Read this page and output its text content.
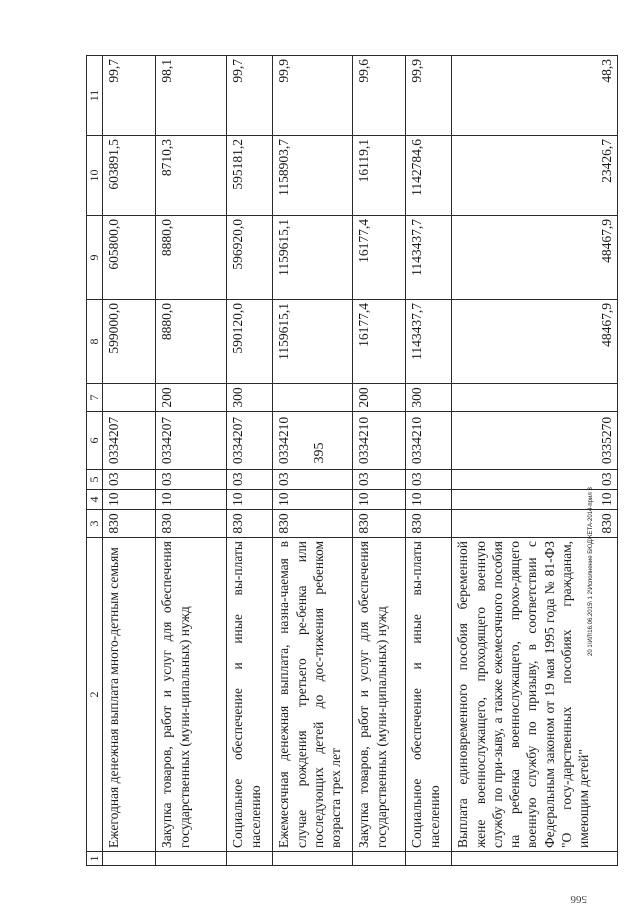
395
1	2	3	4	5	6	7	8	9	10	11
	Ежегодная денежная выплата много-детным семьям	830	10	03	0334207		599000,0	605800,0	603891,5	99,7
	Закупка товаров, работ и услуг для обеспечения государственных (муни-ципальных) нужд	830	10	03	0334207	200	8880,0	8880,0	8710,3	98,1
	Социальное обеспечение и иные вы-платы населению	830	10	03	0334207	300	590120,0	596920,0	595181,2	99,7
	Ежемесячная денежная выплата, назна-чаемая в случае рождения третьего ре-бенка или последующих детей до дос-тижения ребенком возраста трех лет	830	10	03	0334210		1159615,1	1159615,1	1158903,7	99,9
	Закупка товаров, работ и услуг для обеспечения государственных (муни-ципальных) нужд	830	10	03	0334210	200	16177,4	16177,4	16119,1	99,6
	Социальное обеспечение и иные вы-платы населению	830	10	03	0334210	300	1143437,7	1143437,7	1142784,6	99,9
	Выплата единовременного пособия беременной жене военнослужащего, проходящего военную службу по при-зыву, а также ежемесячного пособия на ребенка военнослужащего, прохо-дящего военную службу по призыву, в соответствии с Федеральным законом от 19 мая 1995 года № 81-ФЗ "О госу-дарственных пособиях гражданам, имеющим детей"	830	10	03	0335270		48467,9	48467,9	23426,7	48,3
20 1\ИЛ\16.06.2015\ 1 2\Исполнение БЮДЖЕТА-2014-прил 3
566
